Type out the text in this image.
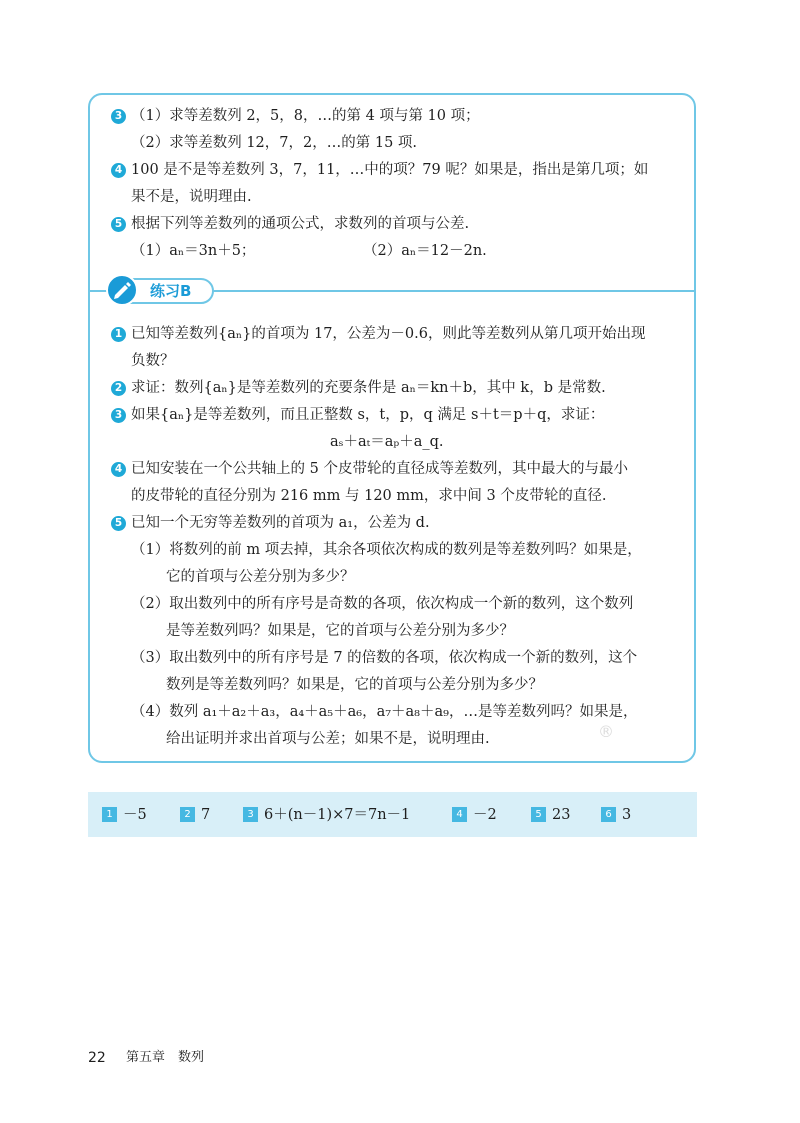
3 （1）求等差数列 2，5，8，…的第 4 项与第 10 项；
（2）求等差数列 12，7，2，…的第 15 项.
4 100 是不是等差数列 3，7，11，…中的项？79 呢？如果是，指出是第几项；如
果不是，说明理由.
5 根据下列等差数列的通项公式，求数列的首项与公差.
（1）aₙ＝3n＋5；	（2）aₙ＝12－2n.
练习B
1 已知等差数列{aₙ}的首项为 17，公差为－0.6，则此等差数列从第几项开始出现
负数？
2 求证：数列{aₙ}是等差数列的充要条件是 aₙ＝kn＋b，其中 k，b 是常数.
3 如果{aₙ}是等差数列，而且正整数 s，t，p，q 满足 s＋t＝p＋q，求证：
aₛ＋aₜ＝aₚ＋a_q.
4 已知安装在一个公共轴上的 5 个皮带轮的直径成等差数列，其中最大的与最小
的皮带轮的直径分别为 216 mm 与 120 mm，求中间 3 个皮带轮的直径.
5 已知一个无穷等差数列的首项为 a₁，公差为 d.
（1）将数列的前 m 项去掉，其余各项依次构成的数列是等差数列吗？如果是，
它的首项与公差分别为多少？
（2）取出数列中的所有序号是奇数的各项，依次构成一个新的数列，这个数列
是等差数列吗？如果是，它的首项与公差分别为多少？
（3）取出数列中的所有序号是 7 的倍数的各项，依次构成一个新的数列，这个
数列是等差数列吗？如果是，它的首项与公差分别为多少？
（4）数列 a₁＋a₂＋a₃，a₄＋a₅＋a₆，a₇＋a₈＋a₉，…是等差数列吗？如果是，
给出证明并求出首项与公差；如果不是，说明理由.	®
1 －5	2 7	3 6＋(n－1)×7＝7n－1	4 －2	5 23	6 3
22 第五章　数列
